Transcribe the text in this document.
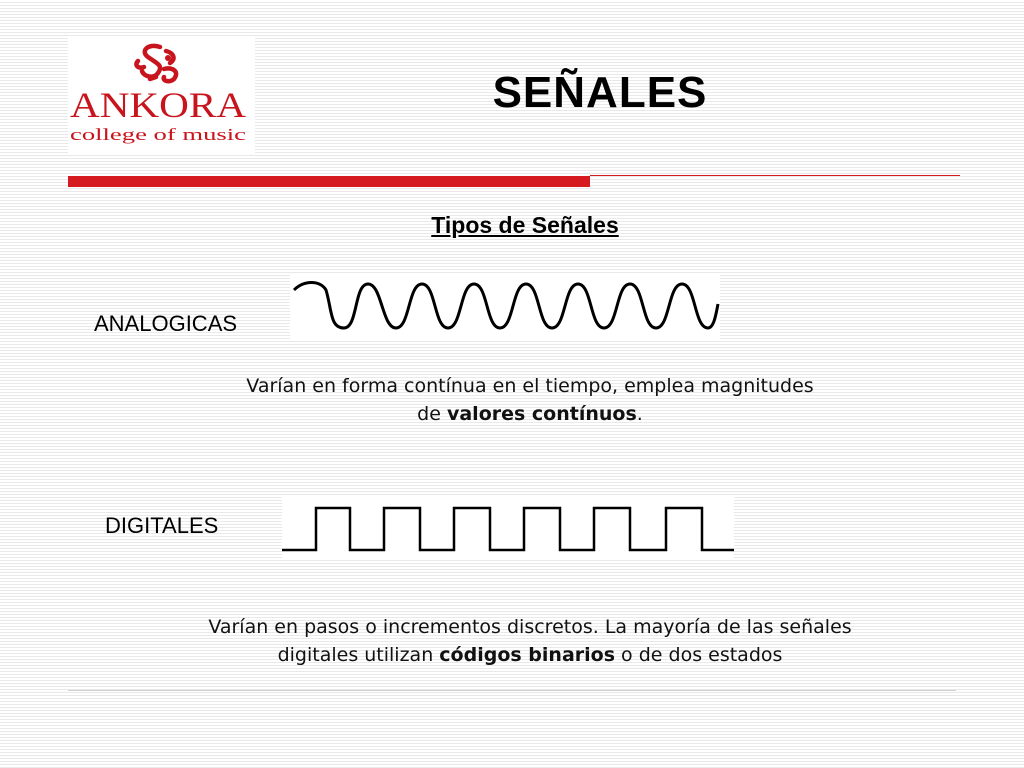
ANKORA
college of music
SEÑALES
Tipos de Señales
ANALOGICAS
Varían en forma contínua en el tiempo, emplea magnitudes
de valores contínuos.
DIGITALES
Varían en pasos o incrementos discretos. La mayoría de las señales
digitales utilizan códigos binarios o de dos estados
